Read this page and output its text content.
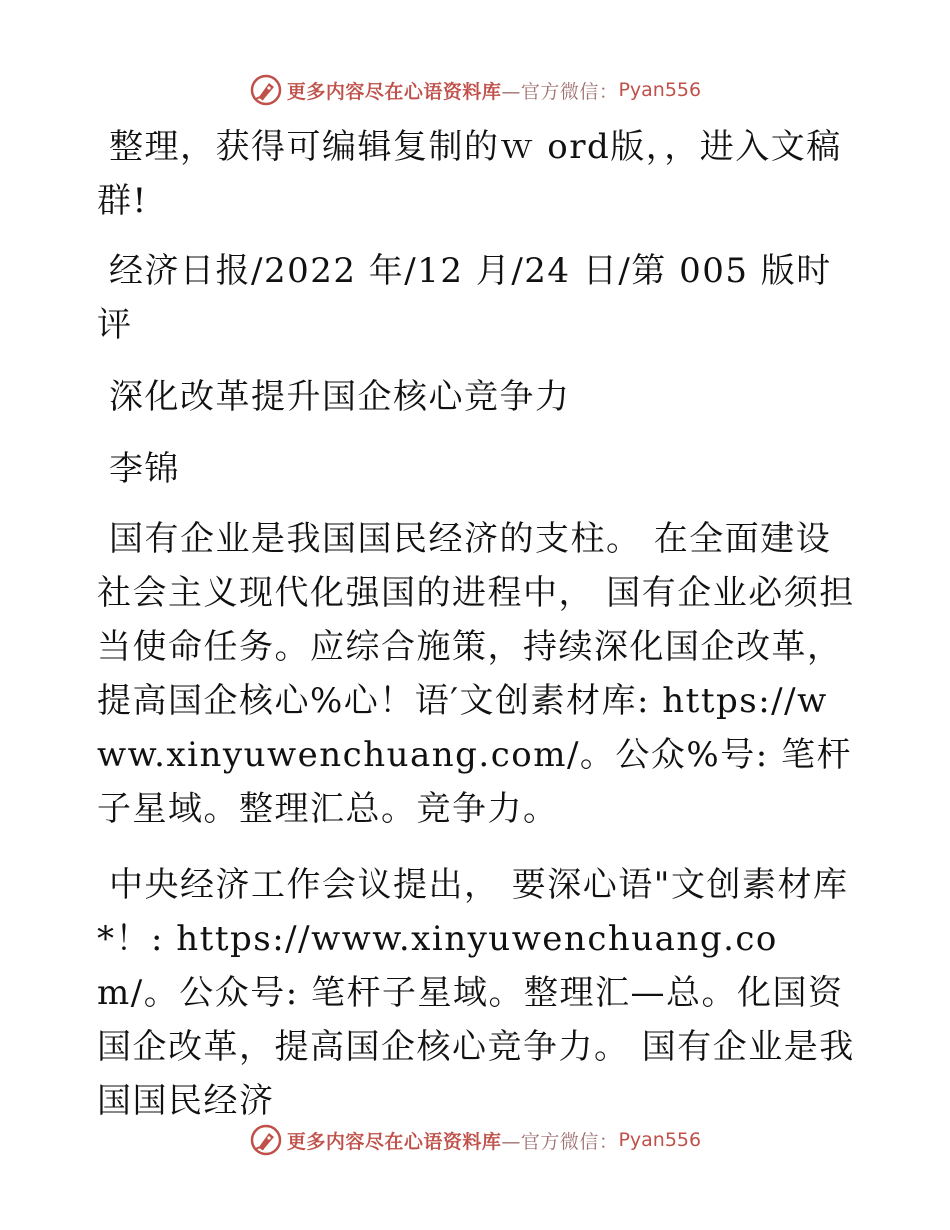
更多内容尽在心语资料库 —官方微信： Pyan556

整理，获得可编辑复制的ｗ ord版，，进入文稿群!

经济日报/2022 年/12 月/24 日/第 005 版时评

深化改革提升国企核心竞争力

李锦

国有企业是我国国民经济的支柱。 在全面建设社会主义现代化强国的进程中， 国有企业必须担当使命任务。应综合施策，持续深化国企改革，提高国企核心%心！语′文创素材库: https://www.xinyuwenchuang.com/。公众%号: 笔杆子星域。整理汇总。竞争力。

中央经济工作会议提出， 要深心语"文创素材库*！: https://www.xinyuwenchuang.com/。公众号: 笔杆子星域。整理汇—总。化国资国企改革，提高国企核心竞争力。 国有企业是我国国民经济

更多内容尽在心语资料库 —官方微信： Pyan556
